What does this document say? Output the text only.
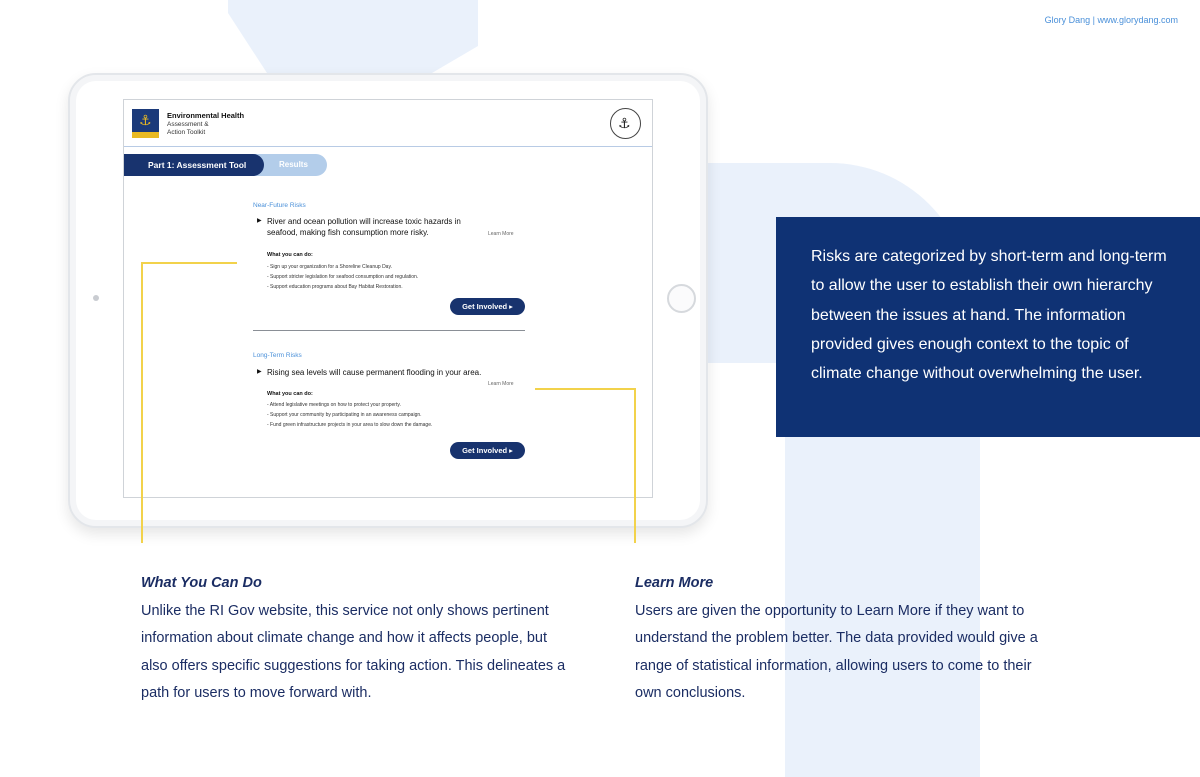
Glory Dang | www.glorydang.com
⚓ Environmental Health
Assessment & Action Toolkit
⚓
Results
Part 1: Assessment Tool
Near-Future Risks
▶ River and ocean pollution will increase toxic hazards in seafood, making fish consumption more risky.	Learn More
What you can do:
- Sign up your organization for a Shoreline Cleanup Day.
- Support stricter legislation for seafood consumption and regulation.
- Support education programs about Bay Habitat Restoration.
Get Involved ▸
Long-Term Risks
▶ Rising sea levels will cause permanent flooding in your area.
Learn More
What you can do:
- Attend legislative meetings on how to protect your property.
- Support your community by participating in an awareness campaign.
- Fund green infrastructure projects in your area to slow down the damage.
Get Involved ▸
Risks are categorized by short-term and long-term to allow the user to establish their own hierarchy between the issues at hand. The information provided gives enough context to the topic of climate change without overwhelming the user.
What You Can Do
Unlike the RI Gov website, this service not only shows pertinent information about climate change and how it affects people, but also offers specific suggestions for taking action. This delineates a path for users to move forward with.
Learn More
Users are given the opportunity to Learn More if they want to understand the problem better. The data provided would give a range of statistical information, allowing users to come to their own conclusions.
